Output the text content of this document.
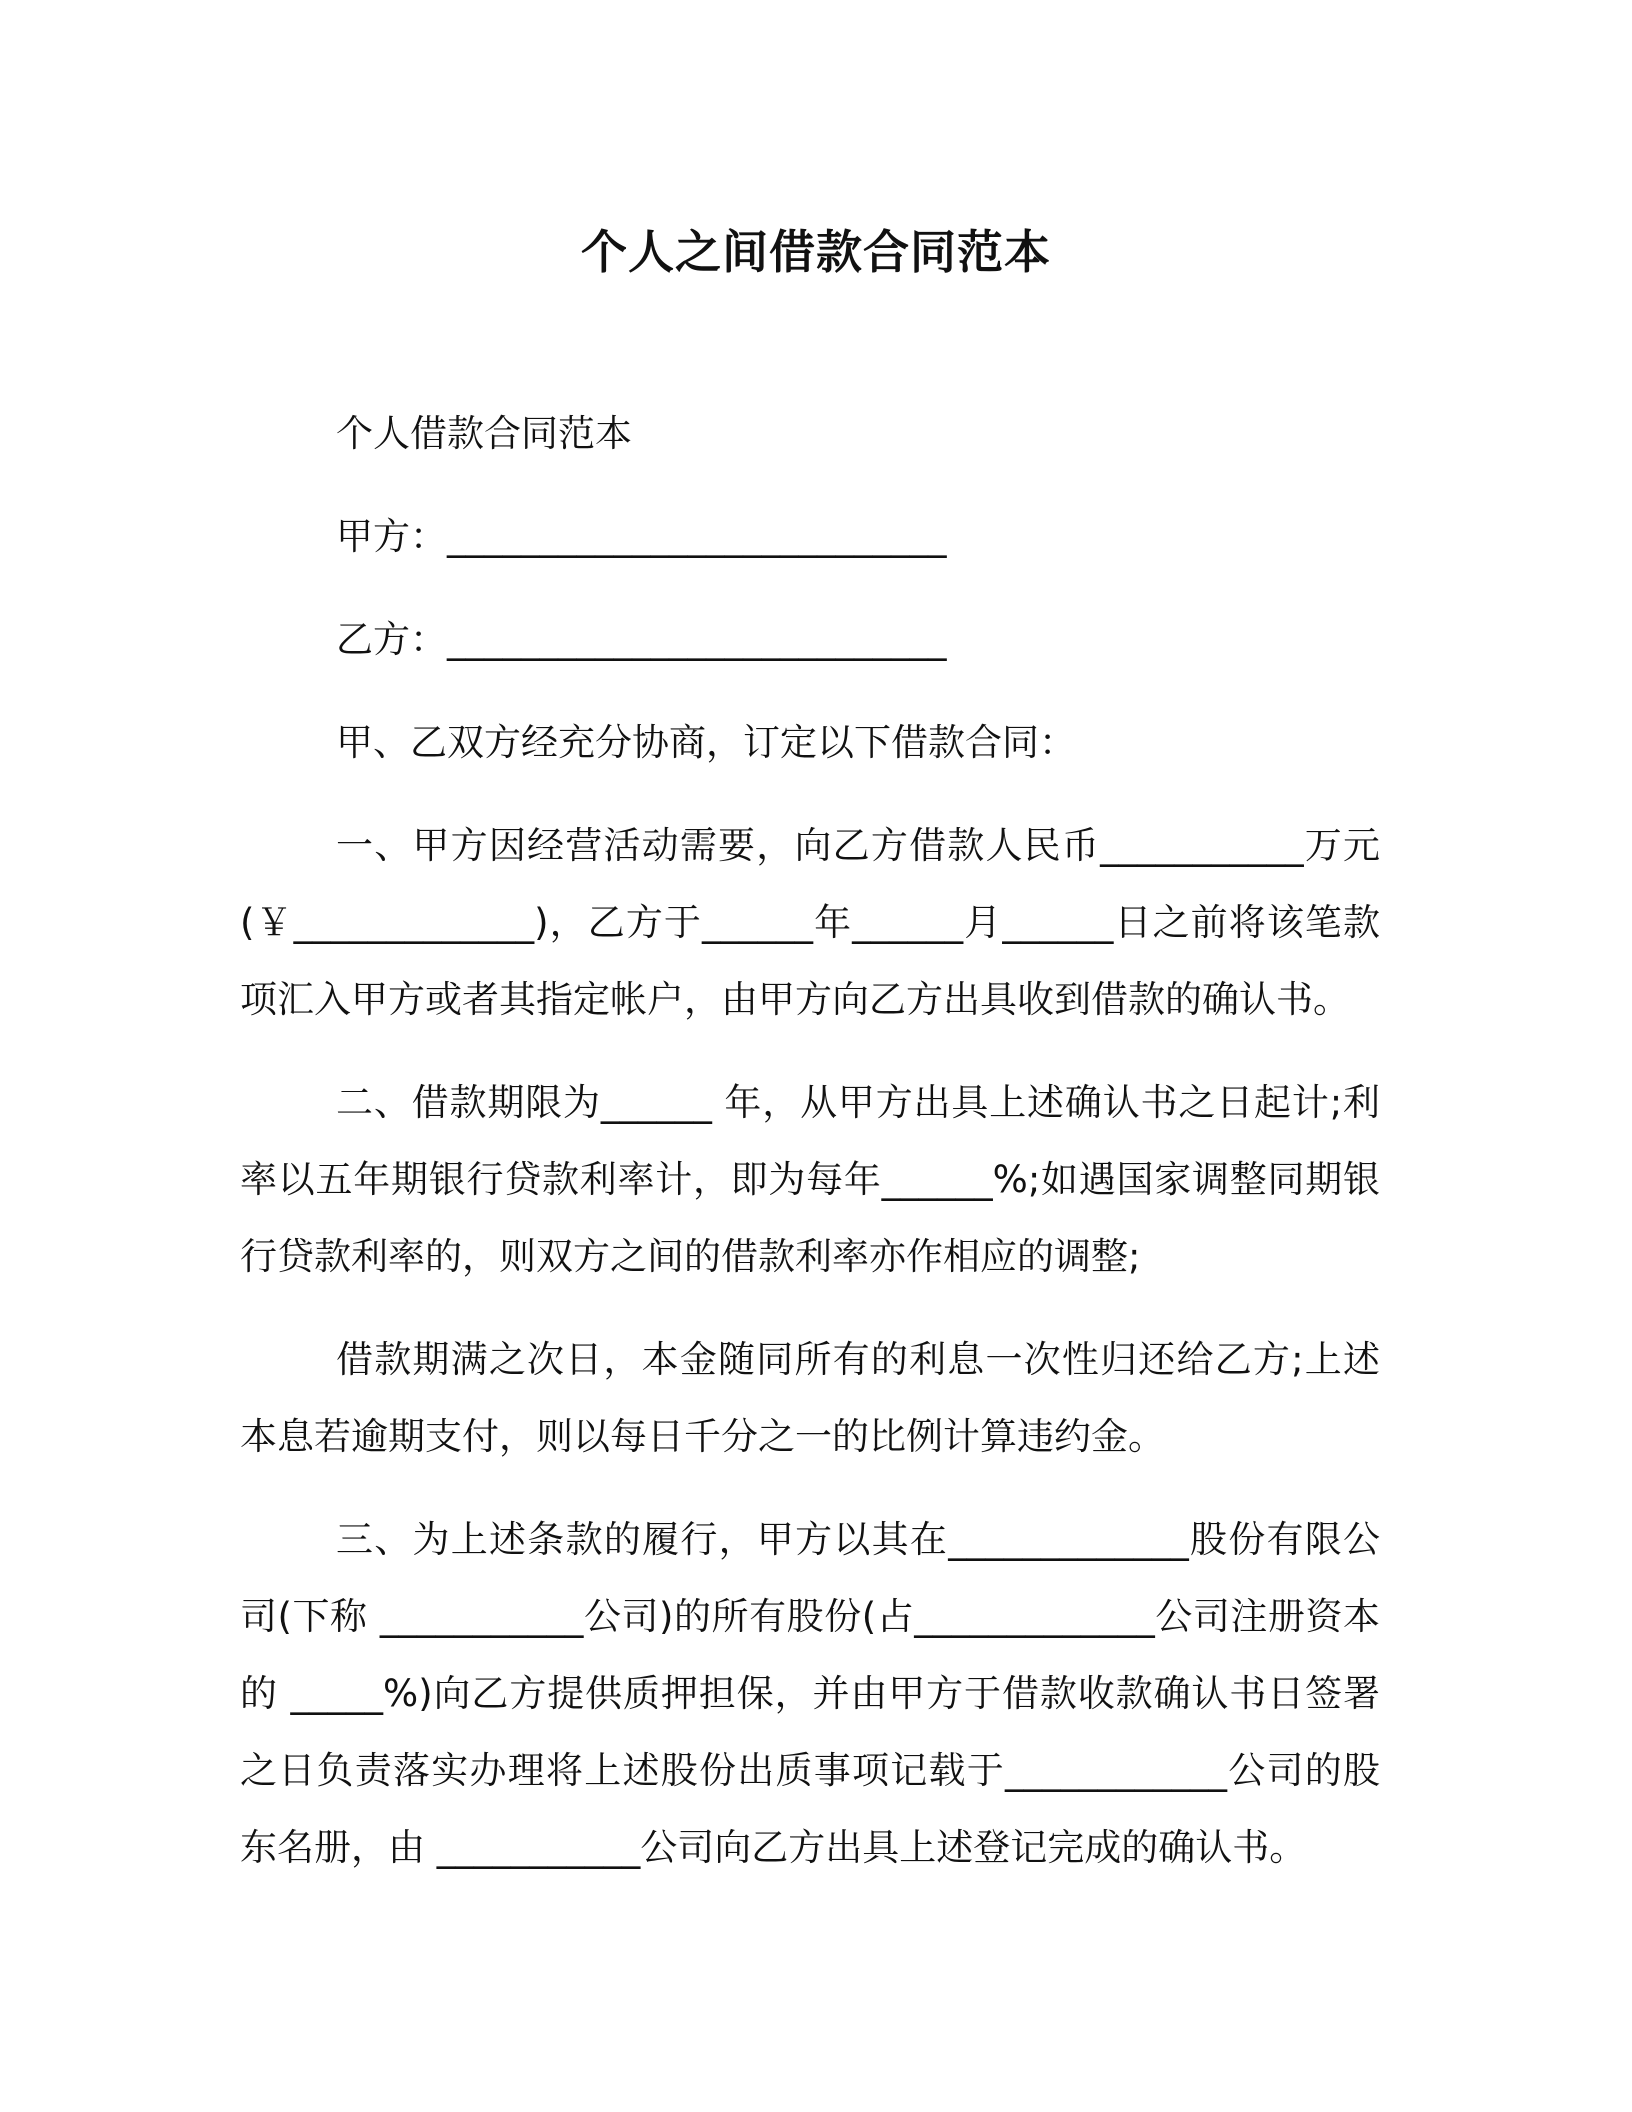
个人之间借款合同范本

个人借款合同范本

甲方：___________________________

乙方：___________________________

甲、乙双方经充分协商，订定以下借款合同：

一、甲方因经营活动需要，向乙方借款人民币___________万元(￥_____________)，乙方于______年______月______日之前将该笔款项汇入甲方或者其指定帐户，由甲方向乙方出具收到借款的确认书。

二、借款期限为______ 年，从甲方出具上述确认书之日起计;利率以五年期银行贷款利率计，即为每年______%;如遇国家调整同期银行贷款利率的，则双方之间的借款利率亦作相应的调整;

借款期满之次日，本金随同所有的利息一次性归还给乙方;上述本息若逾期支付，则以每日千分之一的比例计算违约金。

三、为上述条款的履行，甲方以其在_____________股份有限公司(下称 ___________公司)的所有股份(占_____________公司注册资本的 _____%)向乙方提供质押担保，并由甲方于借款收款确认书日签署之日负责落实办理将上述股份出质事项记载于____________公司的股东名册，由 ___________公司向乙方出具上述登记完成的确认书。
